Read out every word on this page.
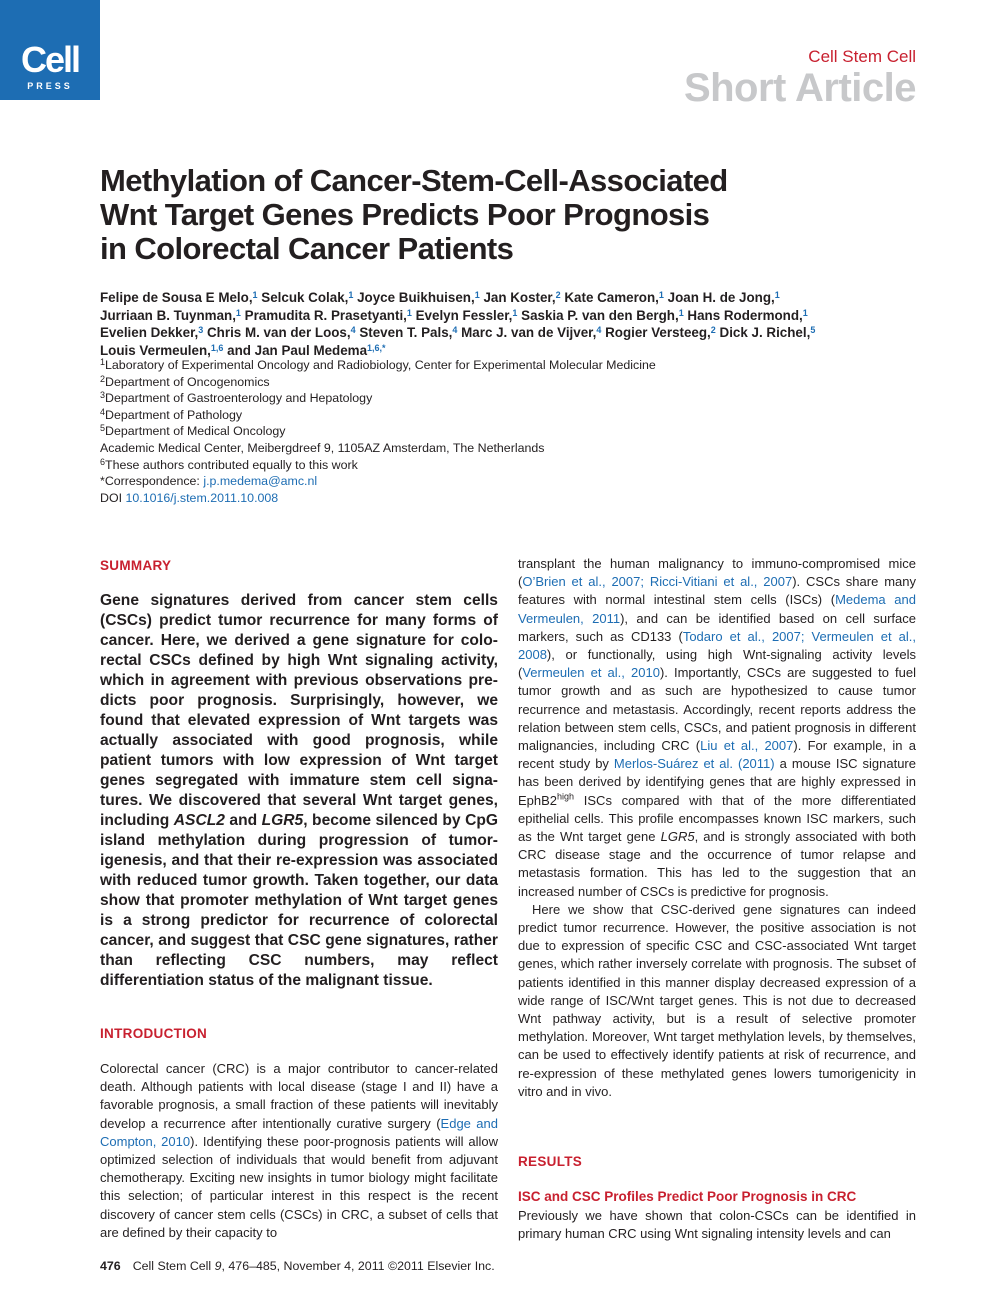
Cell
PRESS
Cell Stem Cell
Short Article
Methylation of Cancer-Stem-Cell-Associated
Wnt Target Genes Predicts Poor Prognosis
in Colorectal Cancer Patients
Felipe de Sousa E Melo,$^1$ Selcuk Colak,$^1$ Joyce Buikhuisen,$^1$ Jan Koster,$^2$ Kate Cameron,$^1$ Joan H. de Jong,$^1$
Jurriaan B. Tuynman,$^1$ Pramudita R. Prasetyanti,$^1$ Evelyn Fessler,$^1$ Saskia P. van den Bergh,$^1$ Hans Rodermond,$^1$
Evelien Dekker,$^3$ Chris M. van der Loos,$^4$ Steven T. Pals,$^4$ Marc J. van de Vijver,$^4$ Rogier Versteeg,$^2$ Dick J. Richel,$^5$
Louis Vermeulen,$^{1,6}$ and Jan Paul Medema$^{1,6,*}$
$^1$Laboratory of Experimental Oncology and Radiobiology, Center for Experimental Molecular Medicine
$^2$Department of Oncogenomics
$^3$Department of Gastroenterology and Hepatology
$^4$Department of Pathology
$^5$Department of Medical Oncology
Academic Medical Center, Meibergdreef 9, 1105AZ Amsterdam, The Netherlands
$^6$These authors contributed equally to this work
*Correspondence: j.p.medema@amc.nl
DOI 10.1016/j.stem.2011.10.008
SUMMARY

Gene signatures derived from cancer stem cells (CSCs) predict tumor recurrence for many forms of cancer. Here, we derived a gene signature for colorectal CSCs defined by high Wnt signaling activity, which in agreement with previous observations predicts poor prognosis. Surprisingly, however, we found that elevated expression of Wnt targets was actually associated with good prognosis, while patient tumors with low expression of Wnt target genes segregated with immature stem cell signatures. We discovered that several Wnt target genes, including ASCL2 and LGR5, become silenced by CpG island methylation during progression of tumorigenesis, and that their re-expression was associated with reduced tumor growth. Taken together, our data show that promoter methylation of Wnt target genes is a strong predictor for recurrence of colorectal cancer, and suggest that CSC gene signatures, rather than reflecting CSC numbers, may reflect differentiation status of the malignant tissue.

INTRODUCTION

Colorectal cancer (CRC) is a major contributor to cancer-related death. Although patients with local disease (stage I and II) have a favorable prognosis, a small fraction of these patients will inevitably develop a recurrence after intentionally curative surgery (Edge and Compton, 2010). Identifying these poor-prognosis patients will allow optimized selection of individuals that would benefit from adjuvant chemotherapy. Exciting new insights in tumor biology might facilitate this selection; of particular interest in this respect is the recent discovery of cancer stem cells (CSCs) in CRC, a subset of cells that are defined by their capacity to

transplant the human malignancy to immuno-compromised mice (O’Brien et al., 2007; Ricci-Vitiani et al., 2007). CSCs share many features with normal intestinal stem cells (ISCs) (Medema and Vermeulen, 2011), and can be identified based on cell surface markers, such as CD133 (Todaro et al., 2007; Vermeulen et al., 2008), or functionally, using high Wnt-signaling activity levels (Vermeulen et al., 2010). Importantly, CSCs are suggested to fuel tumor growth and as such are hypothesized to cause tumor recurrence and metastasis. Accordingly, recent reports address the relation between stem cells, CSCs, and patient prognosis in different malignancies, including CRC (Liu et al., 2007). For example, in a recent study by Merlos-Suárez et al. (2011) a mouse ISC signature has been derived by identifying genes that are highly expressed in $EphB2^{high}$ ISCs compared with that of the more differentiated epithelial cells. This profile encompasses known ISC markers, such as the Wnt target gene LGR5, and is strongly associated with both CRC disease stage and the occurrence of tumor relapse and metastasis formation. This has led to the suggestion that an increased number of CSCs is predictive for prognosis.

Here we show that CSC-derived gene signatures can indeed predict tumor recurrence. However, the positive association is not due to expression of specific CSC and CSC-associated Wnt target genes, which rather inversely correlate with prognosis. The subset of patients identified in this manner display decreased expression of a wide range of ISC/Wnt target genes. This is not due to decreased Wnt pathway activity, but is a result of selective promoter methylation. Moreover, Wnt target methylation levels, by themselves, can be used to effectively identify patients at risk of recurrence, and re-expression of these methylated genes lowers tumorigenicity in vitro and in vivo.

RESULTS
ISC and CSC Profiles Predict Poor Prognosis in CRC

Previously we have shown that colon-CSCs can be identified in primary human CRC using Wnt signaling intensity levels and can

476 Cell Stem Cell 9, 476–485, November 4, 2011 ©2011 Elsevier Inc.
